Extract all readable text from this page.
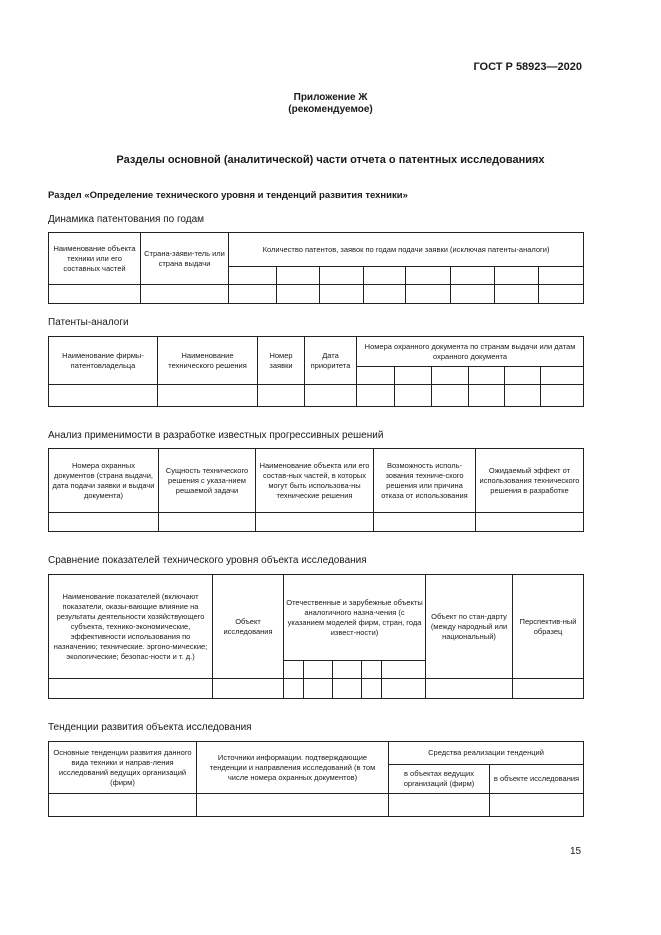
ГОСТ Р 58923—2020
Приложение Ж
(рекомендуемое)
Разделы основной (аналитической) части отчета о патентных исследованиях
Раздел «Определение технического уровня и тенденций развития техники»
Динамика патентования по годам
Наименование объекта техники или его составных частей	Страна-заяви-тель или страна выдачи	Количество патентов, заявок по годам подачи заявки (исключая патенты-аналоги)							

Патенты-аналоги
Наименование фирмы-патентовладельца	Наименование технического решения	Номер заявки	Дата приоритета	Номера охранного документа по странам выдачи или датам охранного документа					

Анализ применимости в разработке известных прогрессивных решений
Номера охранных документов (страна выдачи, дата подачи заявки и выдачи документа)	Сущность технического решения с указа-нием решаемой задачи	Наименование объекта или его состав-ных частей, в которых могут быть использова-ны технические решения	Возможность исполь-зования техниче-ского решения или причина отказа от использования	Ожидаемый эффект от использования технического решения в разработке

Сравнение показателей технического уровня объекта исследования
Наименование показателей (включают показатели, оказы-вающие влияние на результаты деятельности хозяйствующего субъекта, технико-экономические, эффективности использования по назначению; технические. эргоно-мические; экологические; безопас-ности и т. д.)	Объект исследования	Отечественные и зарубежные объекты аналогичного назна-чения (с указанием моделей фирм, стран, года извест-ности)					Объект по стан-дарту (между народный или национальный)	Перспектив-ный образец

Тенденции развития объекта исследования
Основные тенденции развития данного вида техники и направ-ления исследований ведущих организаций (фирм)	Источники информации. подтверждающие тенденции и направления исследований (в том числе номера охранных документов)	Средства реализации тенденций	
		в объектах ведущих организаций (фирм)	в объекте исследования

15
